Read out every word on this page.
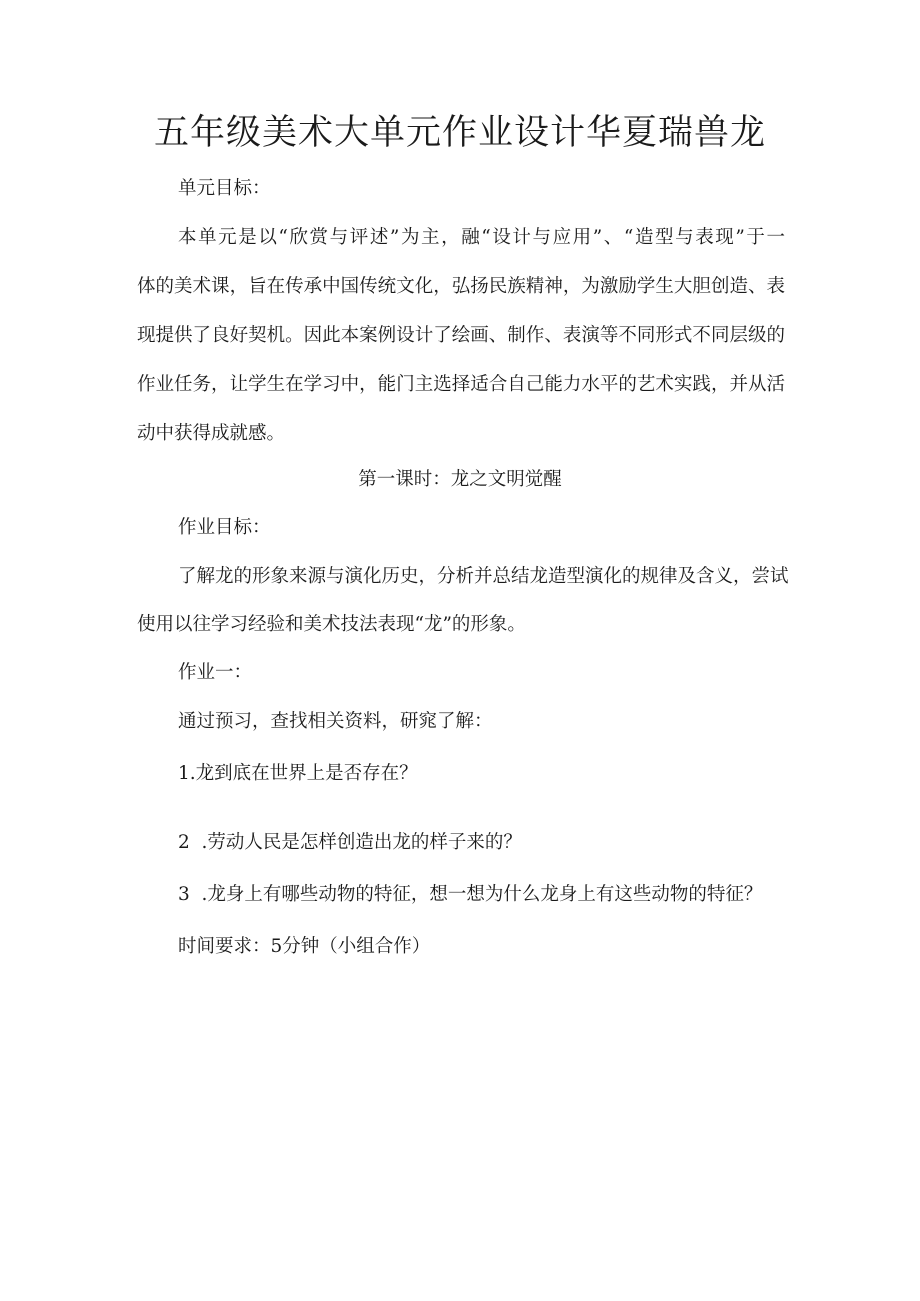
五年级美术大单元作业设计华夏瑞兽龙
单元目标：
本单元是以“欣赏与评述”为主，融“设计与应用”、“造型与表现”于一
体的美术课，旨在传承中国传统文化，弘扬民族精神，为激励学生大胆创造、表
现提供了良好契机。因此本案例设计了绘画、制作、表演等不同形式不同层级的
作业任务，让学生在学习中，能门主选择适合自己能力水平的艺术实践，并从活
动中获得成就感。
第一课时：龙之文明觉醒
作业目标：
了解龙的形象来源与演化历史，分析并总结龙造型演化的规律及含义，尝试
使用以往学习经验和美术技法表现“龙”的形象。
作业一：
通过预习，查找相关资料，研窕了解：
1.龙到底在世界上是否存在？
2  .劳动人民是怎样创造出龙的样子来的？
3  .龙身上有哪些动物的特征，想一想为什么龙身上有这些动物的特征？
时间要求：5分钟（小组合作）
